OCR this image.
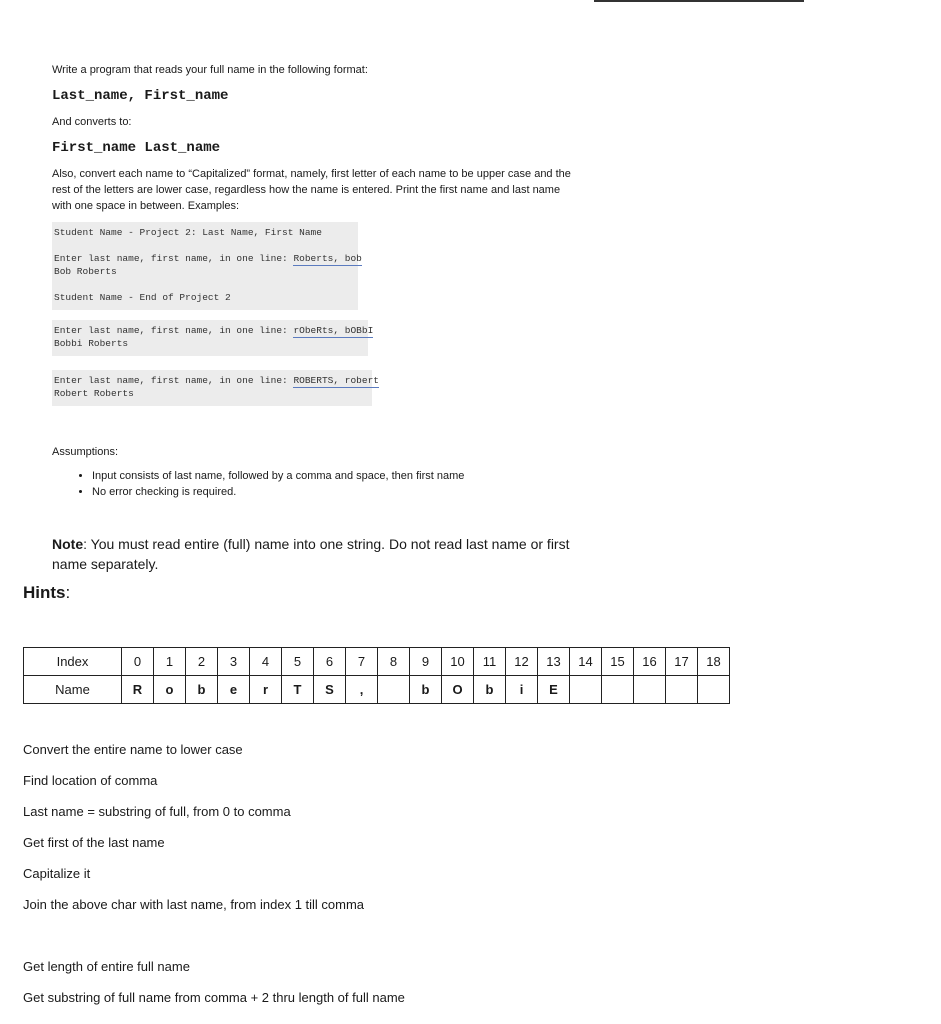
Write a program that reads your full name in the following format:

Last_name, First_name

And converts to:

First_name Last_name

Also, convert each name to “Capitalized” format, namely, first letter of each name to be upper case and the rest of the letters are lower case, regardless how the name is entered. Print the first name and last name with one space in between. Examples:

Student Name - Project 2: Last Name, First Name
Enter last name, first name, in one line: Roberts, bob
Bob Roberts
Student Name - End of Project 2
Enter last name, first name, in one line: rObeRts, bOBbI
Bobbi Roberts
Enter last name, first name, in one line: ROBERTS, robert
Robert Roberts

Assumptions:

• Input consists of last name, followed by a comma and space, then first name
• No error checking is required.

Note: You must read entire (full) name into one string. Do not read last name or first name separately.

Hints:

Index	0	1	2	3	4	5	6	7	8	9	10	11	12	13	14	15	16	17	18
Name	R	o	b	e	r	T	S	,		b	O	b	i	E					
Convert the entire name to lower case
Find location of comma
Last name = substring of full, from 0 to comma
Get first of the last name
Capitalize it
Join the above char with last name, from index 1 till comma
Get length of entire full name
Get substring of full name from comma + 2 thru length of full name
